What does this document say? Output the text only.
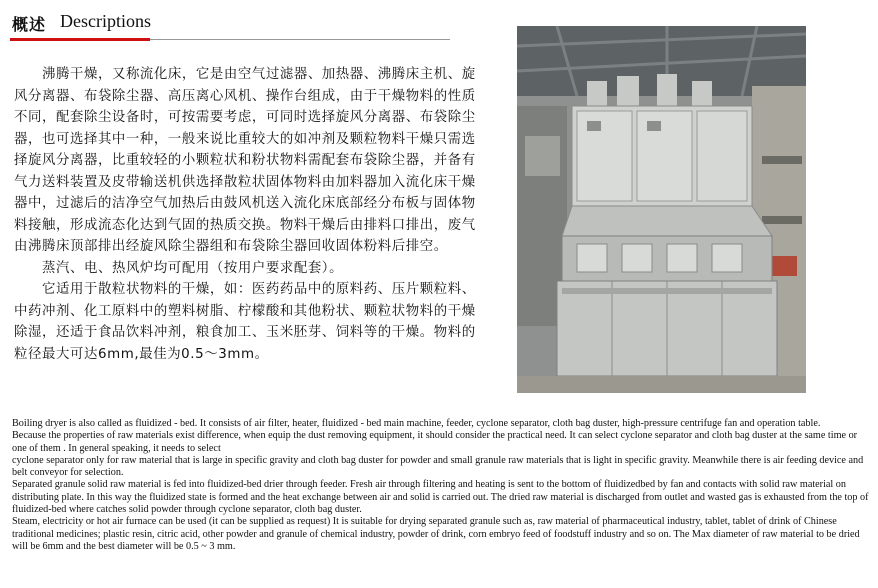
概述 Descriptions

沸腾干燥，又称流化床，它是由空气过滤器、加热器、沸腾床主机、旋风分离器、布袋除尘器、高压离心风机、操作台组成，由于干燥物料的性质不同，配套除尘设备时，可按需要考虑，可同时选择旋风分离器、布袋除尘器，也可选择其中一种，一般来说比重较大的如冲剂及颗粒物料干燥只需选择旋风分离器，比重较轻的小颗粒状和粉状物料需配套布袋除尘器，并备有气力送料装置及皮带输送机供选择散粒状固体物料由加料器加入流化床干燥器中，过滤后的洁净空气加热后由鼓风机送入流化床底部经分布板与固体物料接触，形成流态化达到气固的热质交换。物料干燥后由排料口排出，废气由沸腾床顶部排出经旋风除尘器组和布袋除尘器回收固体粉料后排空。

蒸汽、电、热风炉均可配用（按用户要求配套）。

它适用于散粒状物料的干燥，如：医药药品中的原料药、压片颗粒料、中药冲剂、化工原料中的塑料树脂、柠檬酸和其他粉状、颗粒状物料的干燥除湿，还适于食品饮料冲剂，粮食加工、玉米胚芽、饲料等的干燥。物料的粒径最大可达6mm,最佳为0.5～3mm。

Boiling dryer is also called as fluidized - bed. It consists of air filter, heater, fluidized - bed main machine, feeder, cyclone separator, cloth bag duster, high-pressure centrifuge fan and operation table.

Because the properties of raw materials exist difference, when equip the dust removing equipment, it should consider the practical need. It can select cyclone separator and cloth bag duster at the same time or one of them . In general speaking, it needs to select

cyclone separator only for raw material that is large in specific gravity and cloth bag duster for powder and small granule raw materials that is light in specific gravity. Meanwhile there is air feeding device and belt conveyor for selection.

Separated granule solid raw material is fed into fluidized-bed drier through feeder. Fresh air through filtering and heating is sent to the bottom of fluidizedbed by fan and contacts with solid raw material on distributing plate. In this way the fluidized state is formed and the heat exchange between air and solid is carried out. The dried raw material is discharged from outlet and wasted gas is exhausted from the top of fluidized-bed where catches solid powder through cyclone separator, cloth bag duster.

Steam, electricity or hot air furnace can be used (it can be supplied as request) It is suitable for drying separated granule such as, raw material of pharmaceutical industry, tablet, tablet of drink of Chinese traditional medicines; plastic resin, citric acid, other powder and granule of chemical industry, powder of drink, corn embryo feed of foodstuff industry and so on. The Max diameter of raw material to be dried will be 6mm and the best diameter will be 0.5 ~ 3 mm.
